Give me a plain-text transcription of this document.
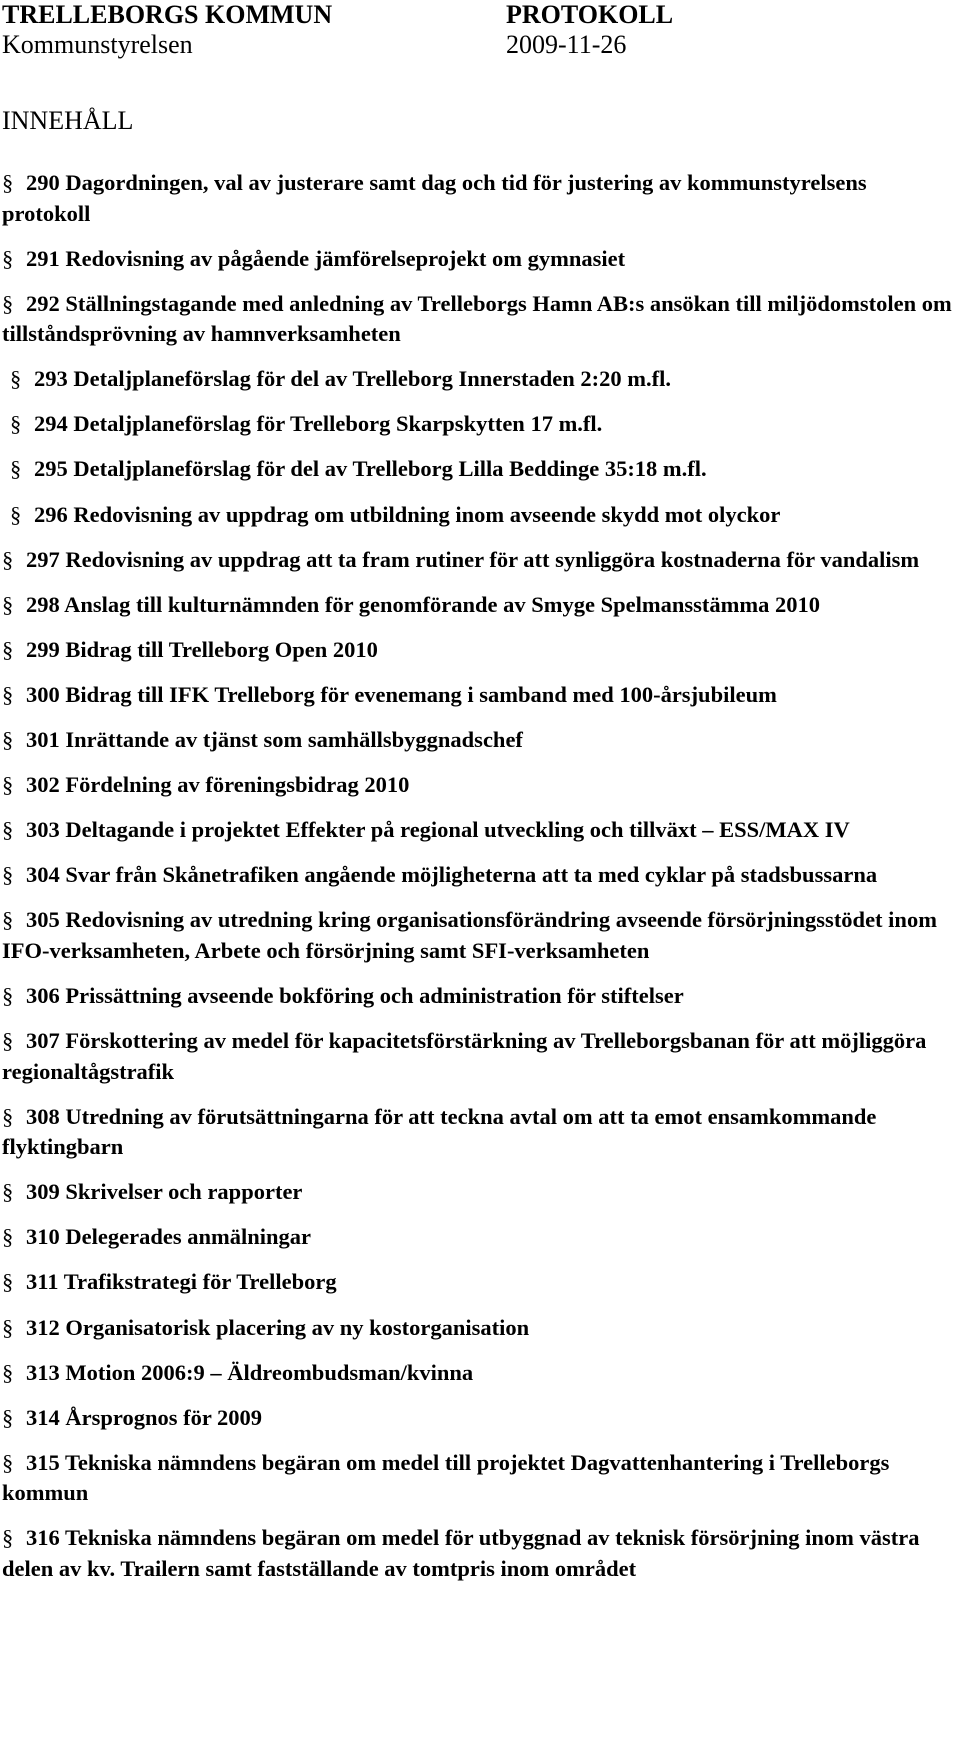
TRELLEBORGS KOMMUN	PROTOKOLL
Kommunstyrelsen	2009-11-26
INNEHÅLL
§ 290 Dagordningen, val av justerare samt dag och tid för justering av kommunstyrelsens protokoll
§ 291 Redovisning av pågående jämförelseprojekt om gymnasiet
§ 292 Ställningstagande med anledning av Trelleborgs Hamn AB:s ansökan till miljödomstolen om tillståndsprövning av hamnverksamheten
§ 293 Detaljplaneförslag för del av Trelleborg Innerstaden 2:20 m.fl.
§ 294 Detaljplaneförslag för Trelleborg Skarpskytten 17 m.fl.
§ 295 Detaljplaneförslag för del av Trelleborg Lilla Beddinge 35:18 m.fl.
§ 296 Redovisning av uppdrag om utbildning inom avseende skydd mot olyckor
§ 297 Redovisning av uppdrag att ta fram rutiner för att synliggöra kostnaderna för vandalism
§ 298 Anslag till kulturnämnden för genomförande av Smyge Spelmansstämma 2010
§ 299 Bidrag till Trelleborg Open 2010
§ 300 Bidrag till IFK Trelleborg för evenemang i samband med 100-årsjubileum
§ 301 Inrättande av tjänst som samhällsbyggnadschef
§ 302 Fördelning av föreningsbidrag 2010
§ 303 Deltagande i projektet Effekter på regional utveckling och tillväxt – ESS/MAX IV
§ 304 Svar från Skånetrafiken angående möjligheterna att ta med cyklar på stadsbussarna
§ 305 Redovisning av utredning kring organisationsförändring avseende försörjningsstödet inom IFO-verksamheten, Arbete och försörjning samt SFI-verksamheten
§ 306 Prissättning avseende bokföring och administration för stiftelser
§ 307 Förskottering av medel för kapacitetsförstärkning av Trelleborgsbanan för att möjliggöra regionaltågstrafik
§ 308 Utredning av förutsättningarna för att teckna avtal om att ta emot ensamkommande flyktingbarn
§ 309 Skrivelser och rapporter
§ 310 Delegerades anmälningar
§ 311 Trafikstrategi för Trelleborg
§ 312 Organisatorisk placering av ny kostorganisation
§ 313 Motion 2006:9 – Äldreombudsman/kvinna
§ 314 Årsprognos för 2009
§ 315 Tekniska nämndens begäran om medel till projektet Dagvattenhantering i Trelleborgs kommun
§ 316 Tekniska nämndens begäran om medel för utbyggnad av teknisk försörjning inom västra delen av kv. Trailern samt fastställande av tomtpris inom området
